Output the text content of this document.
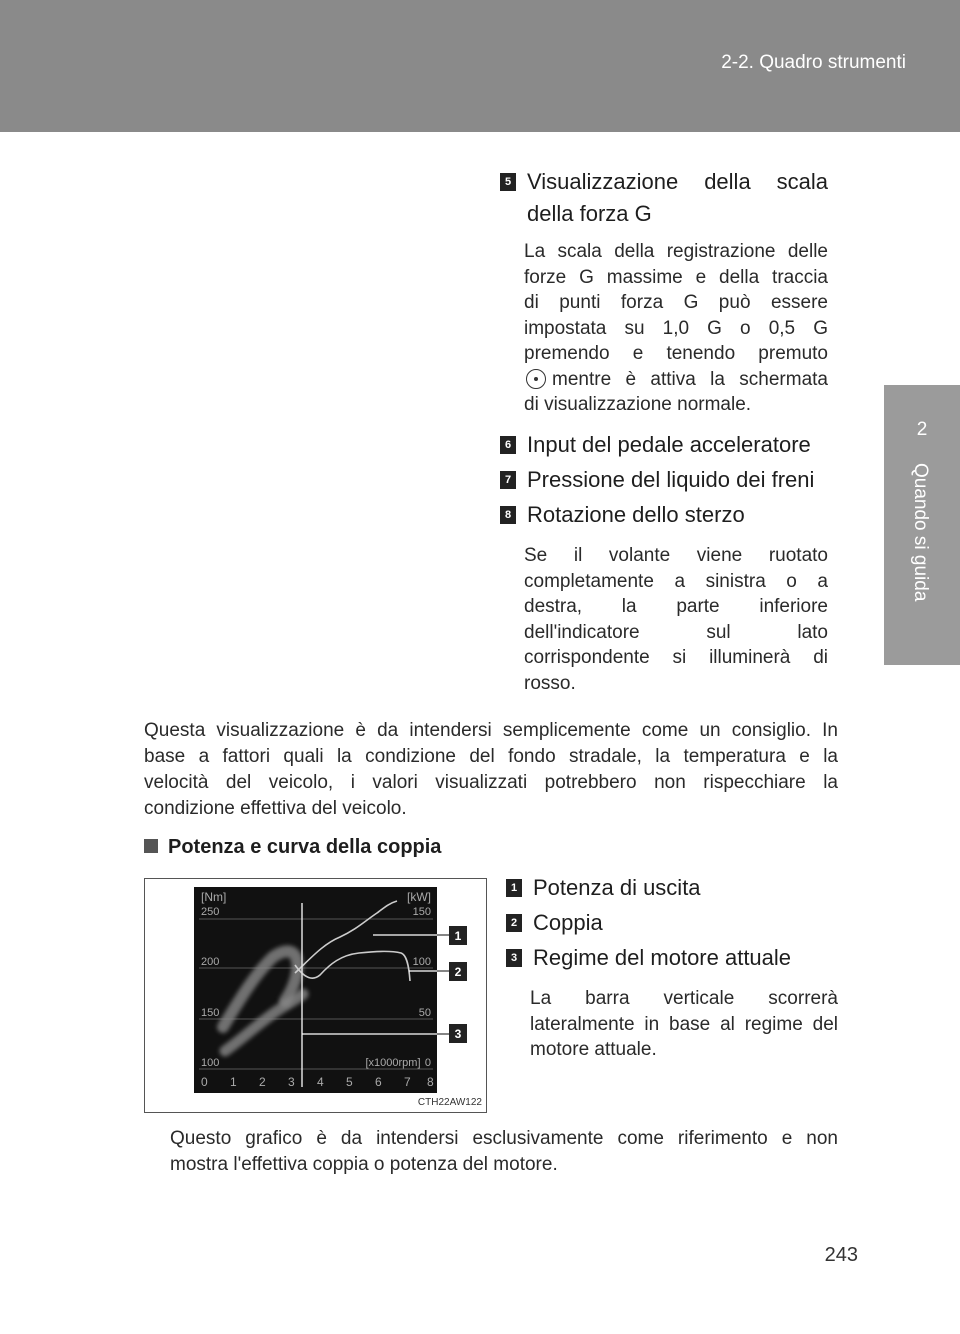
2-2. Quadro strumenti
2
Quando si guida
5 Visualizzazione della scala
della forza G
La scala della registrazione delle
forze G massime e della traccia
di punti forza G può essere
impostata su 1,0 G o 0,5 G
premendo e tenendo premuto
mentre è attiva la schermata
di visualizzazione normale.
6 Input del pedale acceleratore
7 Pressione del liquido dei freni
8 Rotazione dello sterzo
Se il volante viene ruotato
completamente a sinistra o a
destra, la parte inferiore
dell'indicatore sul lato
corrispondente si illuminerà di
rosso.
Questa visualizzazione è da intendersi semplicemente come un consiglio. In
base a fattori quali la condizione del fondo stradale, la temperatura e la
velocità del veicolo, i valori visualizzati potrebbero non rispecchiare la
condizione effettiva del veicolo.
Potenza e curva della coppia
[Nm]	[kW]
250
200
150
100
150
100
50
0
[x1000rpm]
0 1 2 3 4 5 6 7 8
1
2
3
CTH22AW122
1 Potenza di uscita
2 Coppia
3 Regime del motore attuale
La barra verticale scorrerà
lateralmente in base al regime del
motore attuale.
Questo grafico è da intendersi esclusivamente come riferimento e non
mostra l'effettiva coppia o potenza del motore.
243
